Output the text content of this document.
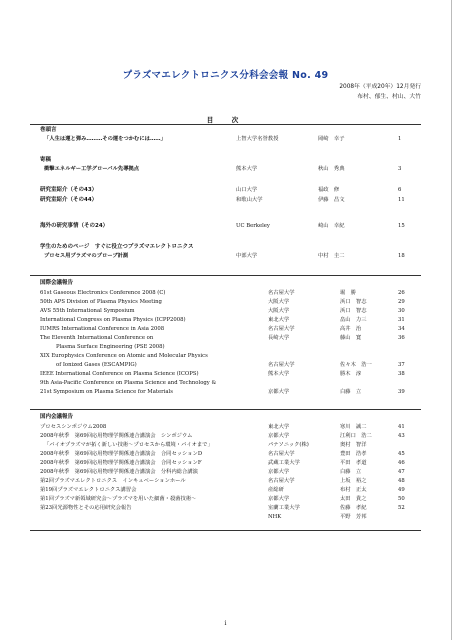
プラズマエレクトロニクス分科会会報 No. 49
2008年（平成20年）12月発行
布村、郁生、村山、大竹
目　次
巻頭言
「人生は運と弾み………その運をつかむには……」	上智大学名誉教授	岡崎　幸子	1
寄稿
衝撃エネルギー工学グローバル先導拠点	熊本大学	秋山　秀典	3
研究室紹介（その43）	山口大学	福政　修	6
研究室紹介（その44）	和歌山大学	伊藤　昌文	11
海外の研究事情（その24）	UC Berkeley	崎山　幸紀	15
学生のためのページ　すぐに役立つプラズマエレクトロニクス
プロセス用プラズマのプローブ計測	中部大学	中村　圭二	18
国際会議報告
61st Gaseous Electronics Conference 2008 (C)	名古屋大学	堀　勝	26
50th APS Division of Plasma Physics Meeting	大阪大学	浜口　智志	29
AVS 55th International Symposium	大阪大学	浜口　智志	30
International Congress on Plasma Physics (ICPP2008)	東北大学	畠山　力三	31
IUMRS International Conference in Asia 2008	名古屋大学	高井　治	34
The Eleventh International Conference on	長崎大学	藤山　寛	36
Plasma Surface Engineering (PSE 2008)
XIX Europhysics Conference on Atomic and Molecular Physics
of Ionized Gases (ESCAMPIG)	名古屋大学	佐々木　浩一	37
IEEE International Conference on Plasma Science (ICOPS)	熊本大学	勝木　淳	38
9th Asia-Pacific Conference on Plasma Science and Technology &
21st Symposium on Plasma Science for Materials	京都大学	白藤　立	39
国内会議報告
プロセスシンポジウム2008	東北大学	寒川　誠二	41
2008年秋季　第69回応用物理学関係連合講演会　シンポジウム	京都大学	江利口　浩二	43
「バイオプラズマが拓く新しい技術～プロセスから環境・バイオまで」	パナソニック(株)	奥村　智洋
2008年秋季　第69回応用物理学関係連合講演会　合同セッションD	名古屋大学	豊田　浩孝	45
2008年秋季　第69回応用物理学関係連合講演会　合同セッションF	武蔵工業大学	平田　孝道	46
2008年秋季　第69回応用物理学関係連合講演会　分科内総合講演	京都大学	白藤　立	47
第2回プラズマエレクトロニクス　インキュベーションホール	名古屋大学	上坂　裕之	48
第19回プラズマエレクトロニクス講習会	産総研	布村　正太	49
第1回プラズマ新領域研究会～プラズマを用いた細菌・殺菌技術～	京都大学	太田　貴之	50
第23回光源物性とその応用研究会報告	室蘭工業大学	佐藤　孝紀	52
NHK	平野　芳邦
i
